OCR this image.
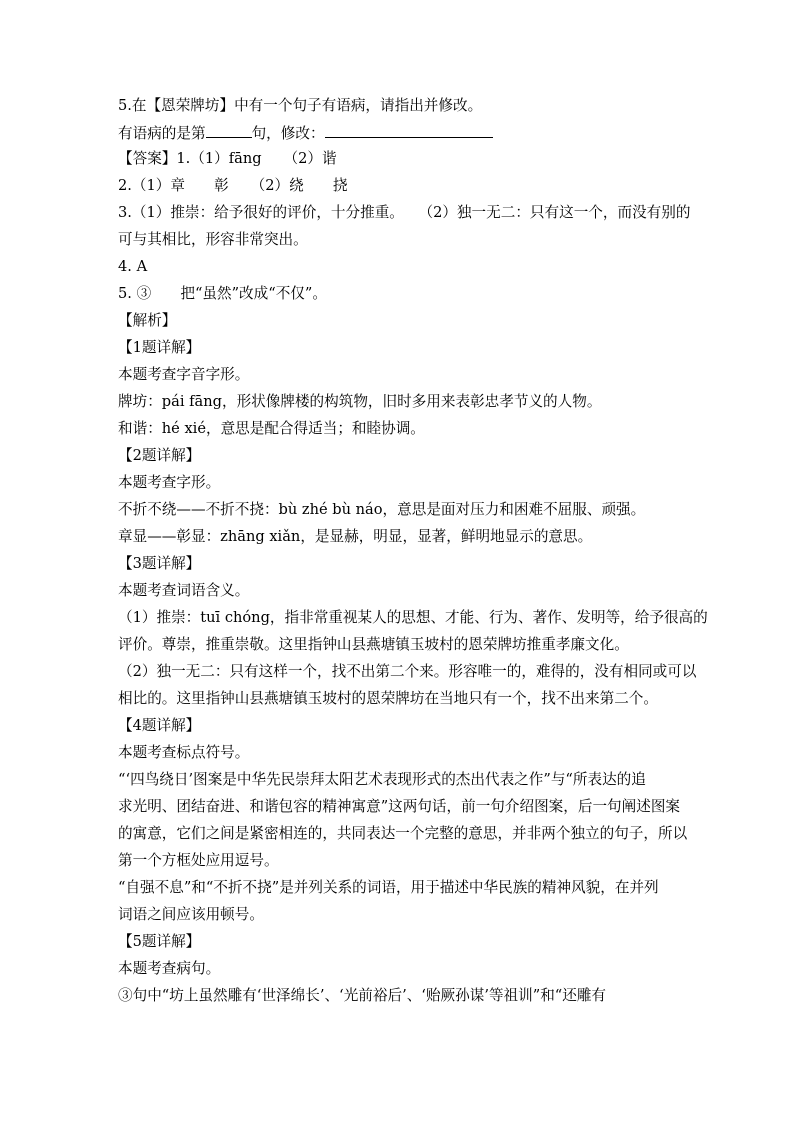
5.在【恩荣牌坊】中有一个句子有语病，请指出并修改。
有语病的是第	句，修改：
【答案】1.（1）fāng　　（2）谐
2.（1）章　　彰　　（2）绕　　挠
3.（1）推崇：给予很好的评价，十分推重。　　（2）独一无二：只有这一个，而没有别的
可与其相比，形容非常突出。
4. A
5. ③　　把“虽然”改成“不仅”。
【解析】
【1题详解】
本题考查字音字形。
牌坊：pái fāng，形状像牌楼的构筑物，旧时多用来表彰忠孝节义的人物。
和谐：hé xié，意思是配合得适当；和睦协调。
【2题详解】
本题考查字形。
不折不绕——不折不挠：bù zhé bù náo，意思是面对压力和困难不屈服、顽强。
章显——彰显：zhāng xiǎn，是显赫，明显，显著，鲜明地显示的意思。
【3题详解】
本题考查词语含义。
（1）推崇：tuī chóng，指非常重视某人的思想、才能、行为、著作、发明等，给予很高的
评价。尊崇，推重崇敬。这里指钟山县燕塘镇玉坡村的恩荣牌坊推重孝廉文化。
（2）独一无二：只有这样一个，找不出第二个来。形容唯一的，难得的，没有相同或可以
相比的。这里指钟山县燕塘镇玉坡村的恩荣牌坊在当地只有一个，找不出来第二个。
【4题详解】
本题考查标点符号。
“‘四鸟绕日’图案是中华先民崇拜太阳艺术表现形式的杰出代表之作”与“所表达的追
求光明、团结奋进、和谐包容的精神寓意”这两句话，前一句介绍图案，后一句阐述图案
的寓意，它们之间是紧密相连的，共同表达一个完整的意思，并非两个独立的句子，所以
第一个方框处应用逗号。
“自强不息”和“不折不挠”是并列关系的词语，用于描述中华民族的精神风貌，在并列
词语之间应该用顿号。
【5题详解】
本题考查病句。
③句中“坊上虽然雕有‘世泽绵长’、‘光前裕后’、‘贻厥孙谋’等祖训”和“还雕有
